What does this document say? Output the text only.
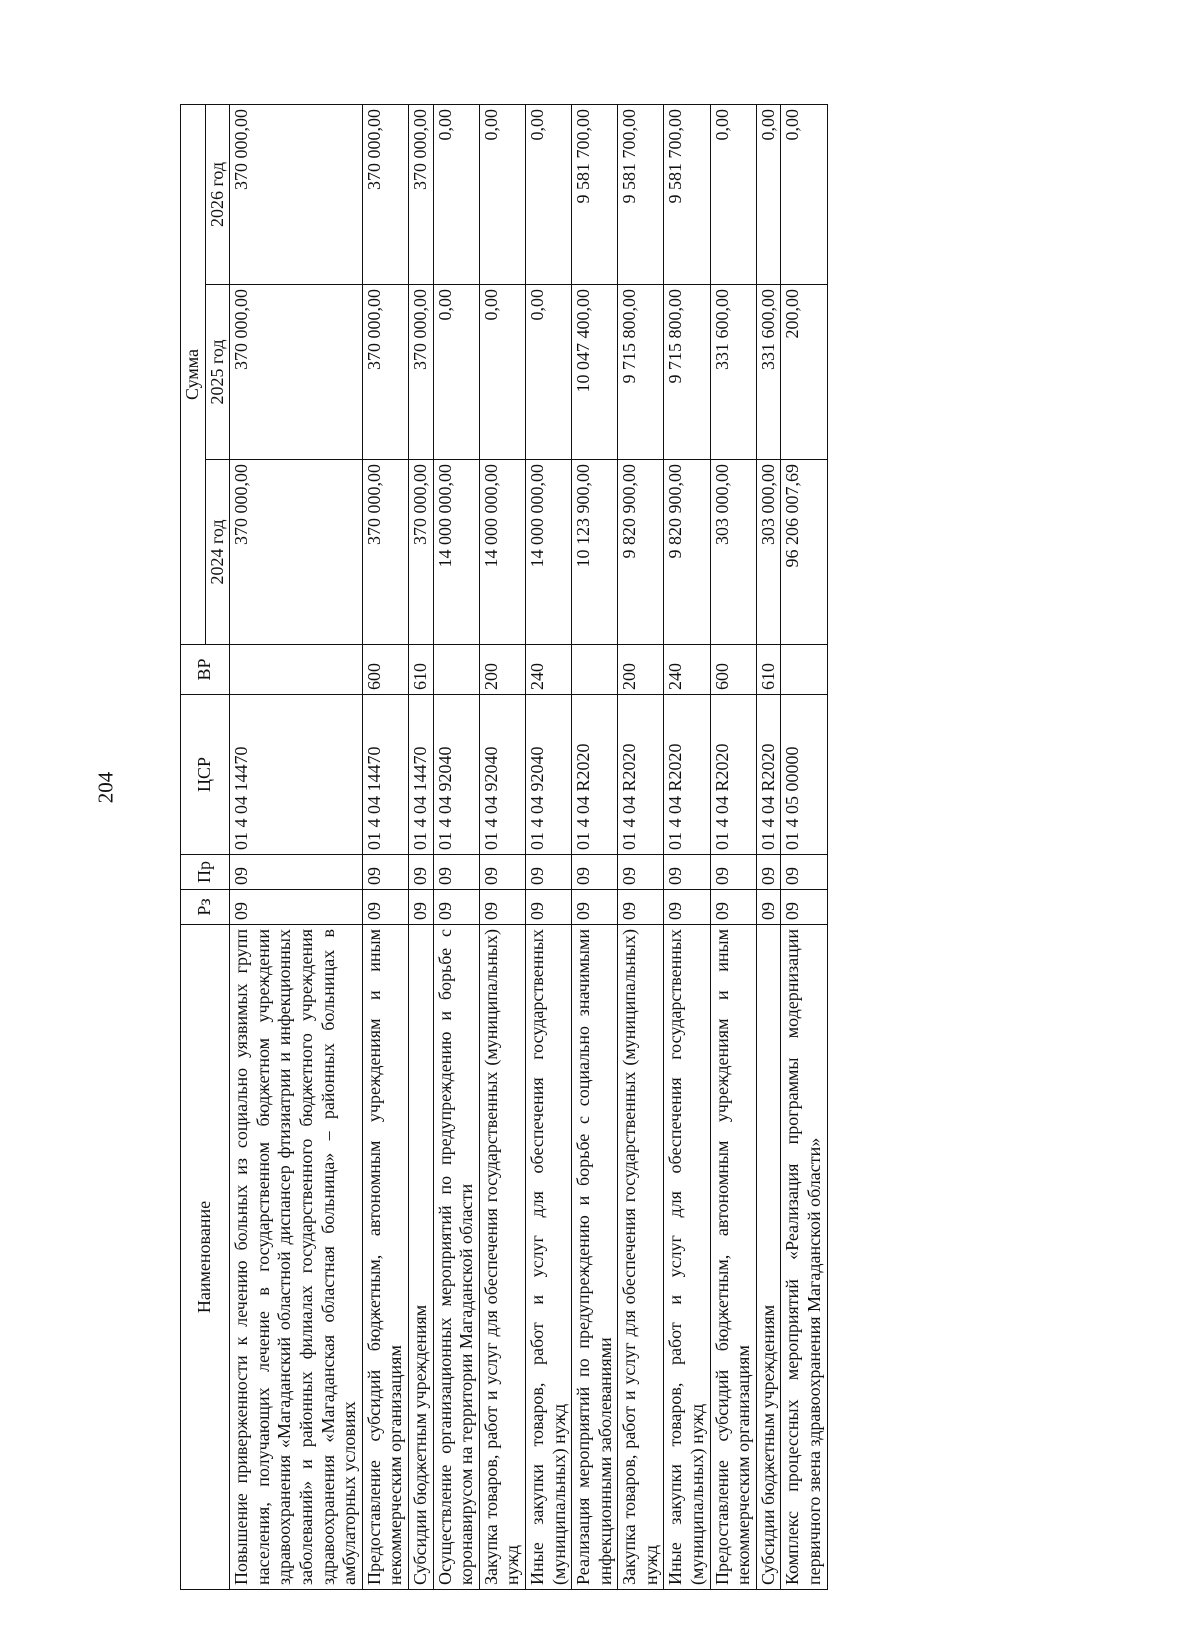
204
Наименование	Рз	Пр	ЦСР	ВР	Сумма		
					2024 год	2025 год	2026 год
Повышение приверженности к лечению больных из социально уязвимых групп населения, получающих лечение в государственном бюджетном учреждении здравоохранения «Магаданский областной диспансер фтизиатрии и инфекционных заболеваний» и районных филиалах государственного бюджетного учреждения здравоохранения «Магаданская областная больница» – районных больницах в амбулаторных условиях	09	09	01 4 04 14470		370 000,00	370 000,00	370 000,00
Предоставление субсидий бюджетным, автономным учреждениям и иным некоммерческим организациям	09	09	01 4 04 14470	600	370 000,00	370 000,00	370 000,00
Субсидии бюджетным учреждениям	09	09	01 4 04 14470	610	370 000,00	370 000,00	370 000,00
Осуществление организационных мероприятий по предупреждению и борьбе с коронавирусом на территории Магаданской области	09	09	01 4 04 92040		14 000 000,00	0,00	0,00
Закупка товаров, работ и услуг для обеспечения государственных (муниципальных) нужд	09	09	01 4 04 92040	200	14 000 000,00	0,00	0,00
Иные закупки товаров, работ и услуг для обеспечения государственных (муниципальных) нужд	09	09	01 4 04 92040	240	14 000 000,00	0,00	0,00
Реализация мероприятий по предупреждению и борьбе с социально значимыми инфекционными заболеваниями	09	09	01 4 04 R2020		10 123 900,00	10 047 400,00	9 581 700,00
Закупка товаров, работ и услуг для обеспечения государственных (муниципальных) нужд	09	09	01 4 04 R2020	200	9 820 900,00	9 715 800,00	9 581 700,00
Иные закупки товаров, работ и услуг для обеспечения государственных (муниципальных) нужд	09	09	01 4 04 R2020	240	9 820 900,00	9 715 800,00	9 581 700,00
Предоставление субсидий бюджетным, автономным учреждениям и иным некоммерческим организациям	09	09	01 4 04 R2020	600	303 000,00	331 600,00	0,00
Субсидии бюджетным учреждениям	09	09	01 4 04 R2020	610	303 000,00	331 600,00	0,00
Комплекс процессных мероприятий «Реализация программы модернизации первичного звена здравоохранения Магаданской области»	09	09	01 4 05 00000		96 206 007,69	200,00	0,00
